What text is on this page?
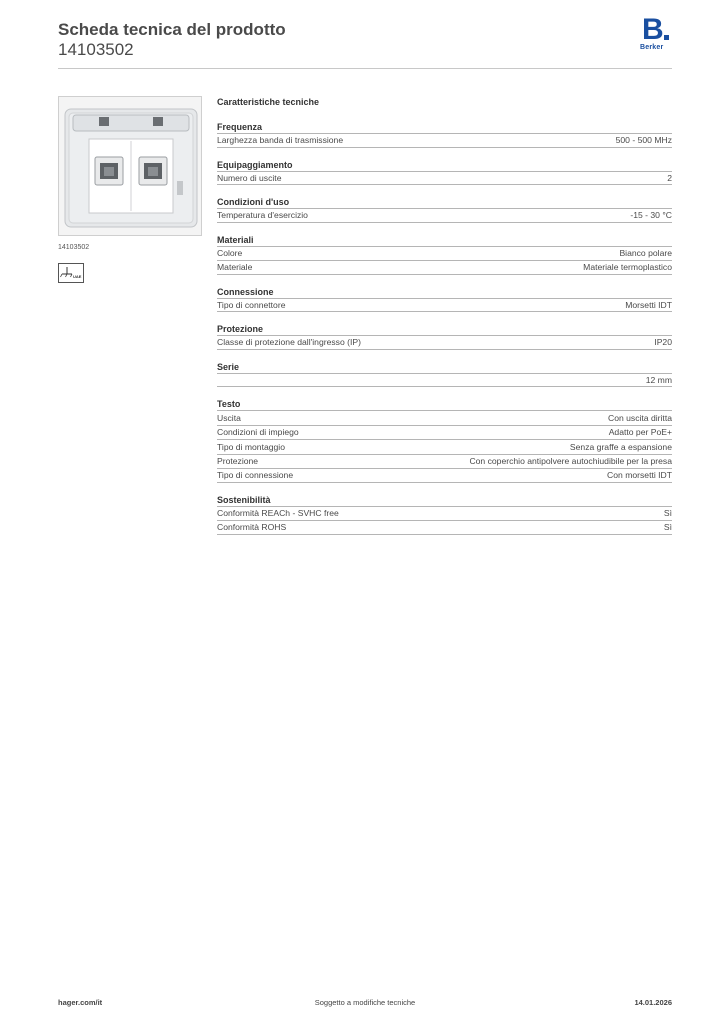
Scheda tecnica del prodotto
14103502
B
Berker
14103502
UAE
Caratteristiche tecniche
Frequenza
Larghezza banda di trasmissione	500 - 500 MHz
Equipaggiamento
Numero di uscite	2
Condizioni d'uso
Temperatura d'esercizio	-15 - 30 °C
Materiali
Colore	Bianco polare
Materiale	Materiale termoplastico
Connessione
Tipo di connettore	Morsetti IDT
Protezione
Classe di protezione dall'ingresso (IP)	IP20
Serie
12 mm
Testo
Uscita	Con uscita diritta
Condizioni di impiego	Adatto per PoE+
Tipo di montaggio	Senza graffe a espansione
Protezione	Con coperchio antipolvere autochiudibile per la presa
Tipo di connessione	Con morsetti IDT
Sostenibilità
Conformità REACh - SVHC free	Sì
Conformità ROHS	Sì
hager.com/it	Soggetto a modifiche tecniche	14.01.2026
